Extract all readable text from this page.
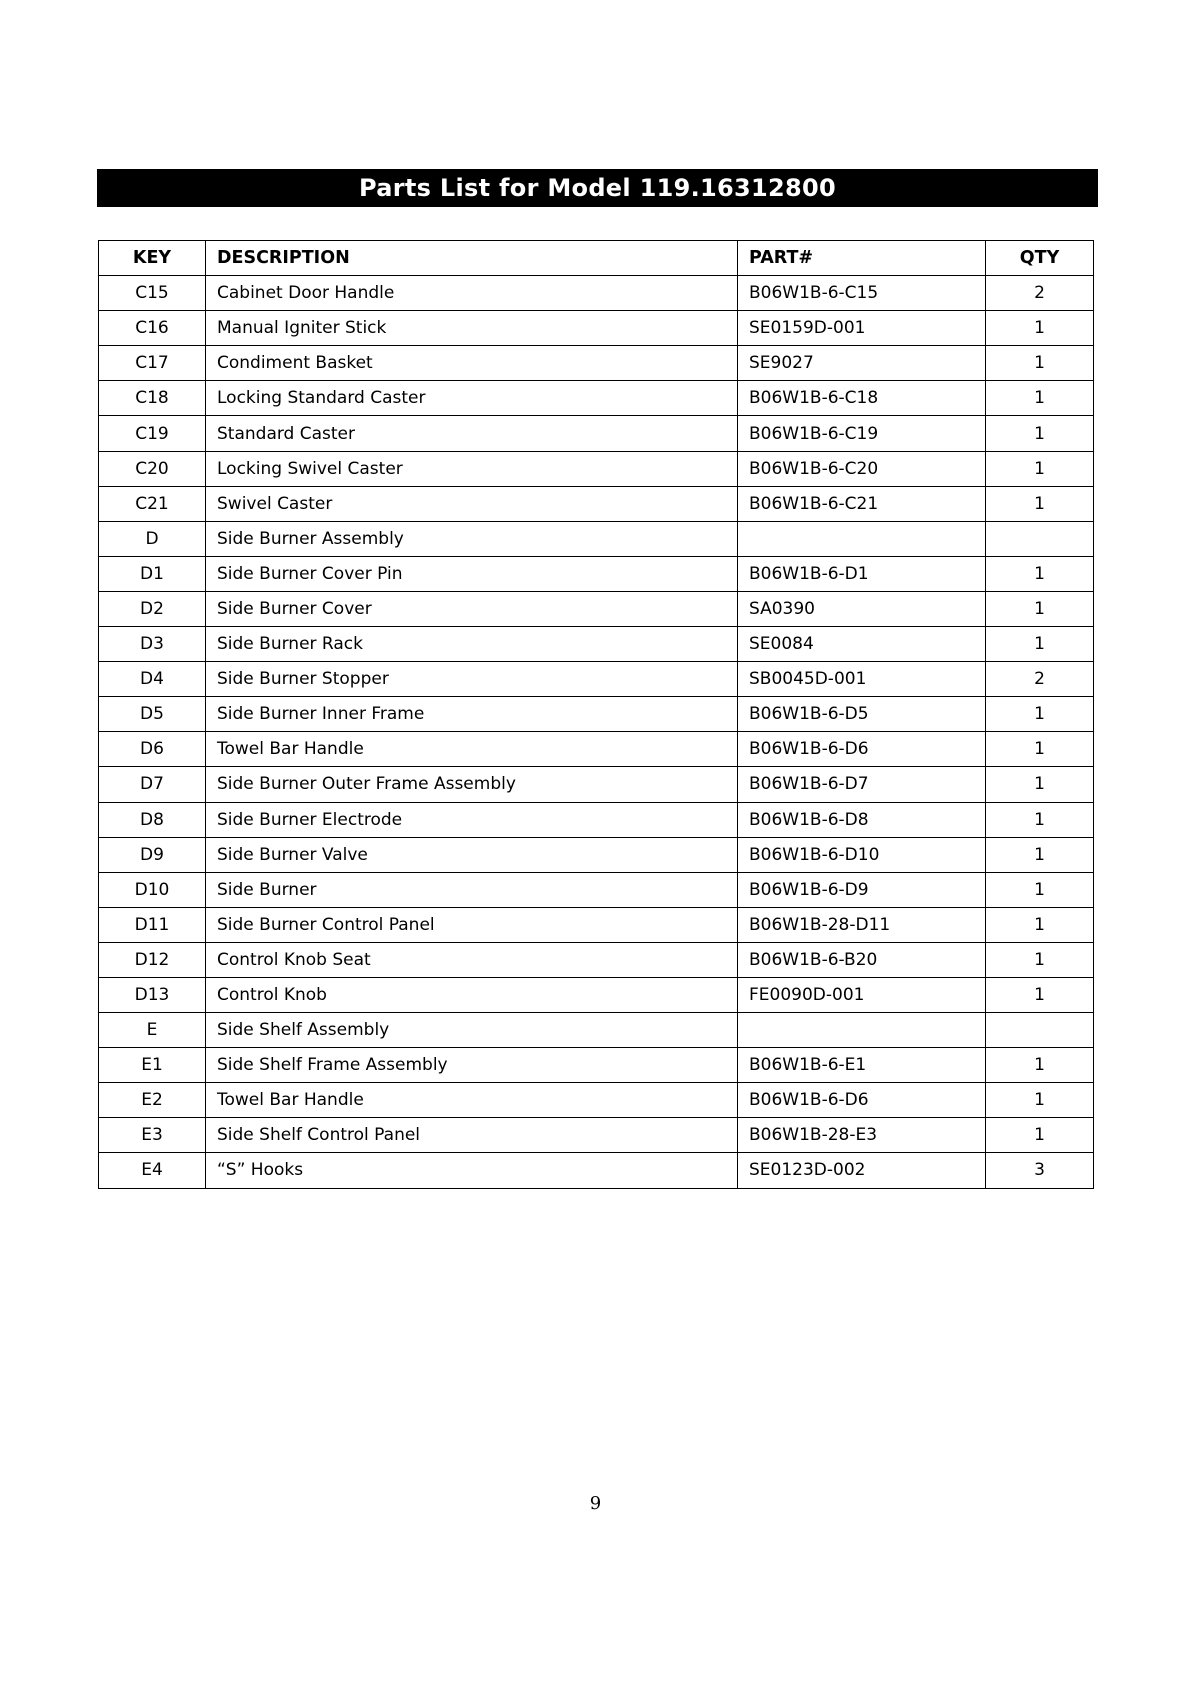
Parts List for Model 119.16312800
KEY	DESCRIPTION	PART#	QTY
C15	Cabinet Door Handle	B06W1B-6-C15	2
C16	Manual Igniter Stick	SE0159D-001	1
C17	Condiment Basket	SE9027	1
C18	Locking Standard Caster	B06W1B-6-C18	1
C19	Standard Caster	B06W1B-6-C19	1
C20	Locking Swivel Caster	B06W1B-6-C20	1
C21	Swivel Caster	B06W1B-6-C21	1
D	Side Burner Assembly		
D1	Side Burner Cover Pin	B06W1B-6-D1	1
D2	Side Burner Cover	SA0390	1
D3	Side Burner Rack	SE0084	1
D4	Side Burner Stopper	SB0045D-001	2
D5	Side Burner Inner Frame	B06W1B-6-D5	1
D6	Towel Bar Handle	B06W1B-6-D6	1
D7	Side Burner Outer Frame Assembly	B06W1B-6-D7	1
D8	Side Burner Electrode	B06W1B-6-D8	1
D9	Side Burner Valve	B06W1B-6-D10	1
D10	Side Burner	B06W1B-6-D9	1
D11	Side Burner Control Panel	B06W1B-28-D11	1
D12	Control Knob Seat	B06W1B-6-B20	1
D13	Control Knob	FE0090D-001	1
E	Side Shelf Assembly		
E1	Side Shelf Frame Assembly	B06W1B-6-E1	1
E2	Towel Bar Handle	B06W1B-6-D6	1
E3	Side Shelf Control Panel	B06W1B-28-E3	1
E4	“S” Hooks	SE0123D-002	3
9
